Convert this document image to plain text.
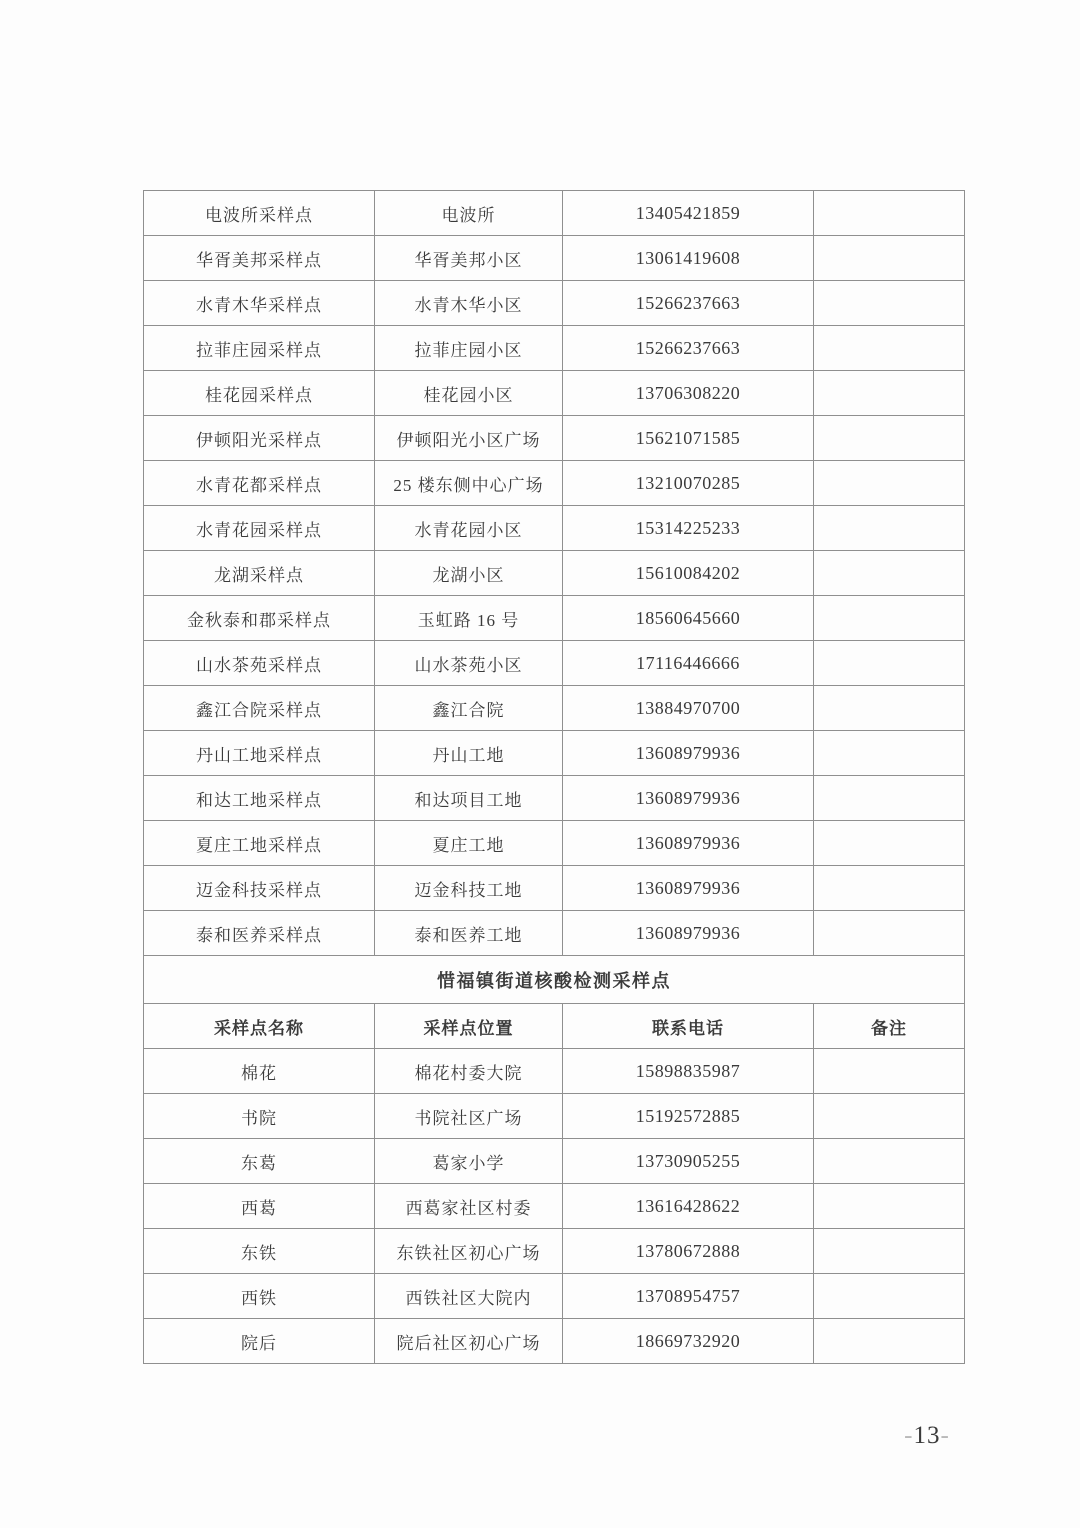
电波所采样点	电波所	13405421859	
华胥美邦采样点	华胥美邦小区	13061419608	
水青木华采样点	水青木华小区	15266237663	
拉菲庄园采样点	拉菲庄园小区	15266237663	
桂花园采样点	桂花园小区	13706308220	
伊顿阳光采样点	伊顿阳光小区广场	15621071585	
水青花都采样点	25 楼东侧中心广场	13210070285	
水青花园采样点	水青花园小区	15314225233	
龙湖采样点	龙湖小区	15610084202	
金秋泰和郡采样点	玉虹路 16 号	18560645660	
山水茶苑采样点	山水茶苑小区	17116446666	
鑫江合院采样点	鑫江合院	13884970700	
丹山工地采样点	丹山工地	13608979936	
和达工地采样点	和达项目工地	13608979936	
夏庄工地采样点	夏庄工地	13608979936	
迈金科技采样点	迈金科技工地	13608979936	
泰和医养采样点	泰和医养工地	13608979936	
惜福镇街道核酸检测采样点			
采样点名称	采样点位置	联系电话	备注
棉花	棉花村委大院	15898835987	
书院	书院社区广场	15192572885	
东葛	葛家小学	13730905255	
西葛	西葛家社区村委	13616428622	
东铁	东铁社区初心广场	13780672888	
西铁	西铁社区大院内	13708954757	
院后	院后社区初心广场	18669732920	
-13-
